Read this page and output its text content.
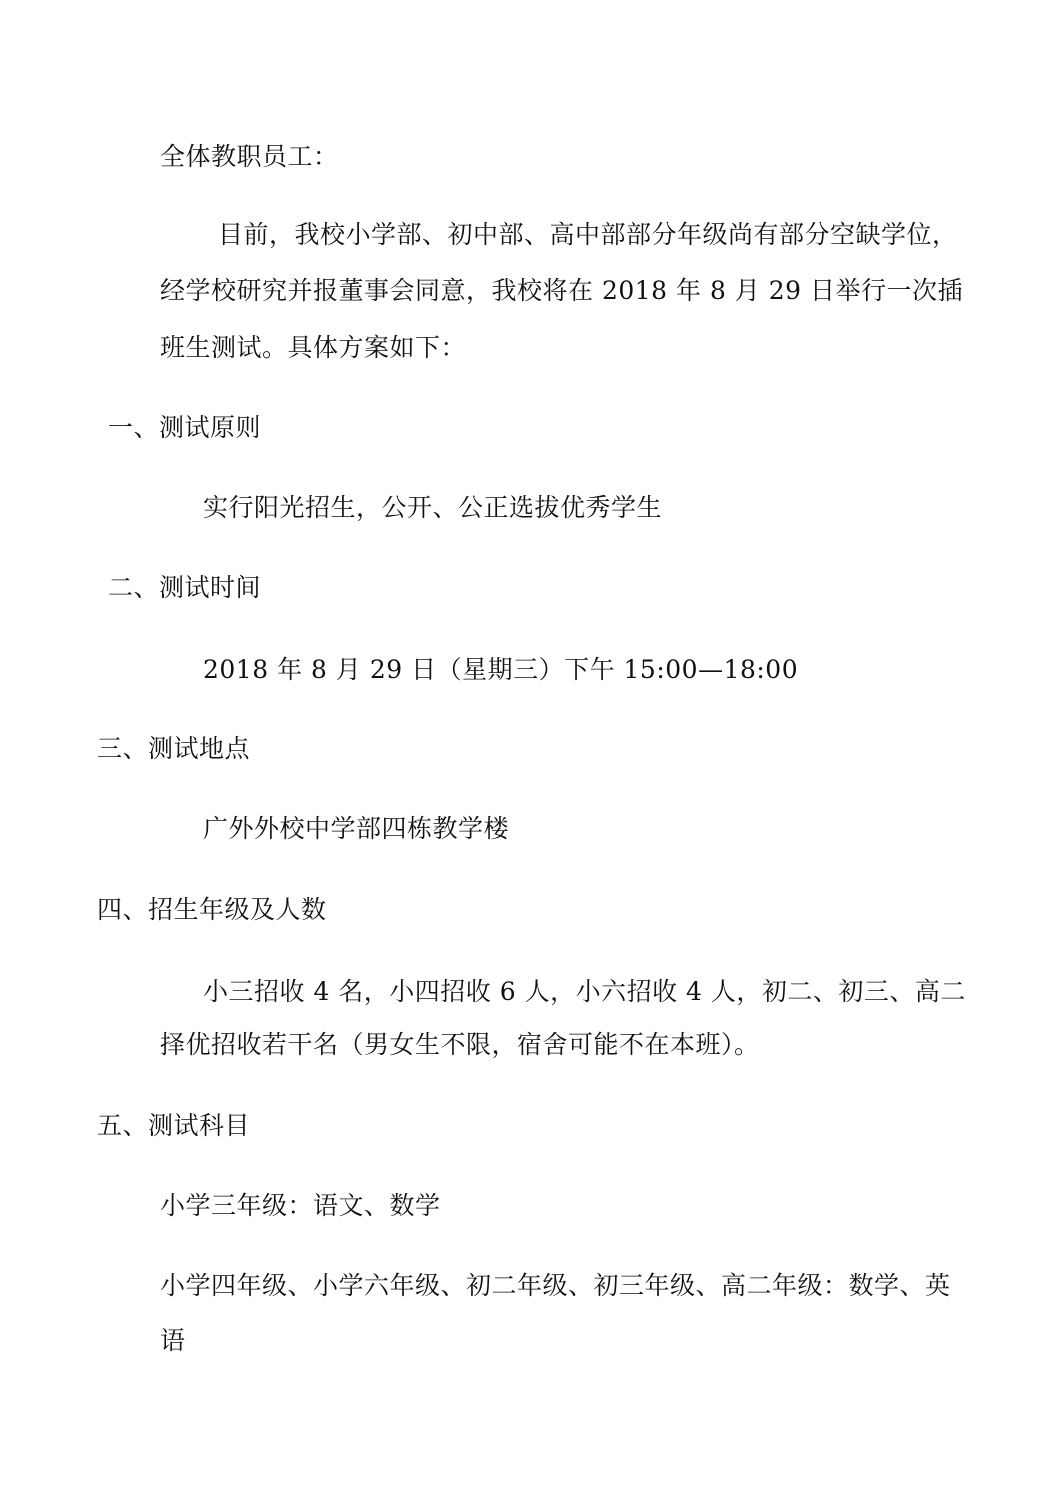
全体教职员工：
目前，我校小学部、初中部、高中部部分年级尚有部分空缺学位，
经学校研究并报董事会同意，我校将在 2018 年 8 月 29 日举行一次插
班生测试。具体方案如下：
一、测试原则
实行阳光招生，公开、公正选拔优秀学生
二、测试时间
2018 年 8 月 29 日（星期三）下午 15:00—18:00
三、测试地点
广外外校中学部四栋教学楼
四、招生年级及人数
小三招收 4 名，小四招收 6 人，小六招收 4 人，初二、初三、高二
择优招收若干名（男女生不限，宿舍可能不在本班）。
五、测试科目
小学三年级：语文、数学
小学四年级、小学六年级、初二年级、初三年级、高二年级：数学、英
语
